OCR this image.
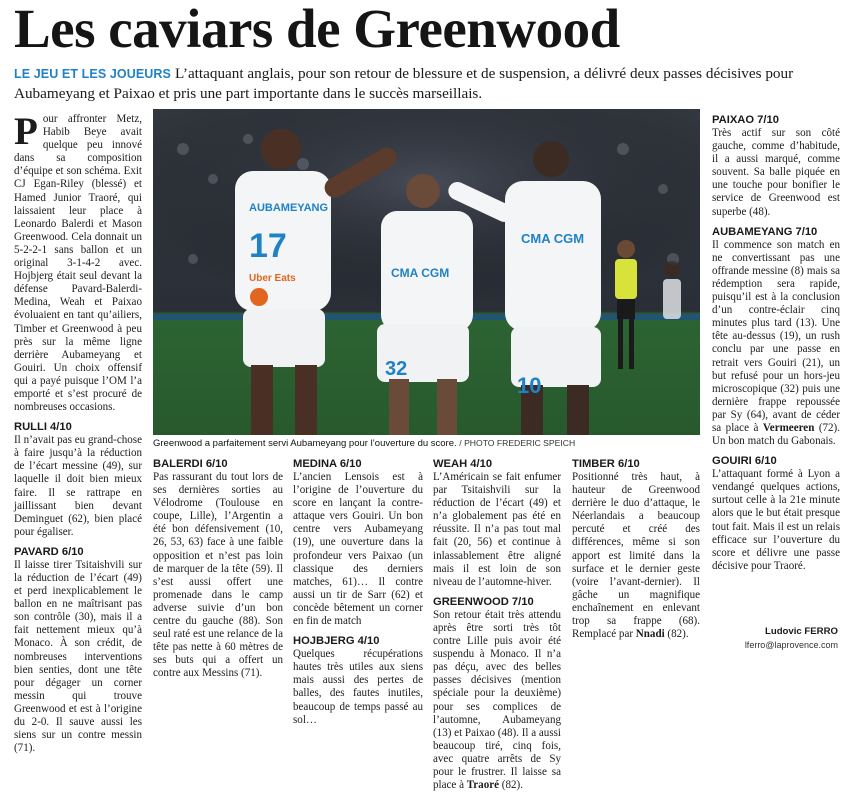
Les caviars de Greenwood
LE JEU ET LES JOUEURS L’attaquant anglais, pour son retour de blessure et de suspension, a délivré deux passes décisives pour Aubameyang et Paixao et pris une part importante dans le succès marseillais.

Pour affronter Metz, Habib Beye avait quelque peu innové dans sa composition d’équipe et son schéma. Exit CJ Egan-Riley (blessé) et Hamed Junior Traoré, qui laissaient leur place à Leonardo Balerdi et Mason Greenwood. Cela donnait un 5-2-2-1 sans ballon et un original 3-1-4-2 avec. Hojbjerg était seul devant la défense Pavard-Balerdi-Medina, Weah et Paixao évoluaient en tant qu’ailiers, Timber et Greenwood à peu près sur la même ligne derrière Aubameyang et Gouiri. Un choix offensif qui a payé puisque l’OM l’a emporté et s’est procuré de nombreuses occasions.

RULLI 4/10

Il n’avait pas eu grand-chose à faire jusqu’à la réduction de l’écart messine (49), sur laquelle il doit bien mieux faire. Il se rattrape en jaillissant bien devant Deminguet (62), bien placé pour égaliser.

PAVARD 6/10

Il laisse tirer Tsitaishvili sur la réduction de l’écart (49) et perd inexplicablement le ballon en ne maîtrisant pas son contrôle (30), mais il a fait nettement mieux qu’à Monaco. À son crédit, de nombreuses interventions bien senties, dont une tête pour dégager un corner messin qui trouve Greenwood et est à l’origine du 2-0. Il sauve aussi les siens sur un contre messin (71).

AUBAMEYANG
17
Uber Eats	CMA CGM
32
CMA CGM
10
Greenwood a parfaitement servi Aubameyang pour l’ouverture du score. / PHOTO FREDERIC SPEICH
BALERDI 6/10

Pas rassurant du tout lors de ses dernières sorties au Vélodrome (Toulouse en coupe, Lille), l’Argentin a été bon défensivement (10, 26, 53, 63) face à une faible opposition et n’est pas loin de marquer de la tête (59). Il s’est aussi offert une promenade dans le camp adverse suivie d’un bon centre du gauche (88). Son seul raté est une relance de la tête pas nette à 60 mètres de ses buts qui a offert un contre aux Messins (71).

MEDINA 6/10

L’ancien Lensois est à l’origine de l’ouverture du score en lançant la contre-attaque vers Gouiri. Un bon centre vers Aubameyang (19), une ouverture dans la profondeur vers Paixao (un classique des derniers matches, 61)… Il contre aussi un tir de Sarr (62) et concède bêtement un corner en fin de match

HOJBJERG 4/10

Quelques récupérations hautes très utiles aux siens mais aussi des pertes de balles, des fautes inutiles, beaucoup de temps passé au sol…

WEAH 4/10

L’Américain se fait enfumer par Tsitaishvili sur la réduction de l’écart (49) et n’a globalement pas été en réussite. Il n’a pas tout mal fait (20, 56) et continue à inlassablement être aligné mais il est loin de son niveau de l’automne-hiver.

GREENWOOD 7/10

Son retour était très attendu après être sorti très tôt contre Lille puis avoir été suspendu à Monaco. Il n’a pas déçu, avec des belles passes décisives (mention spéciale pour la deuxième) pour ses complices de l’automne, Aubameyang (13) et Paixao (48). Il a aussi beaucoup tiré, cinq fois, avec quatre arrêts de Sy pour le frustrer. Il laisse sa place à Traoré (82).

TIMBER 6/10

Positionné très haut, à hauteur de Greenwood derrière le duo d’attaque, le Néerlandais a beaucoup percuté et créé des différences, même si son apport est limité dans la surface et le dernier geste (voire l’avant-dernier). Il gâche un magnifique enchaînement en enlevant trop sa frappe (68). Remplacé par Nnadi (82).

PAIXAO 7/10

Très actif sur son côté gauche, comme d’habitude, il a aussi marqué, comme souvent. Sa balle piquée en une touche pour bonifier le service de Greenwood est superbe (48).

AUBAMEYANG 7/10

Il commence son match en ne convertissant pas une offrande messine (8) mais sa rédemption sera rapide, puisqu’il est à la conclusion d’un contre-éclair cinq minutes plus tard (13). Une tête au-dessus (19), un rush conclu par une passe en retrait vers Gouiri (21), un but refusé pour un hors-jeu microscopique (32) puis une dernière frappe repoussée par Sy (64), avant de céder sa place à Vermeeren (72). Un bon match du Gabonais.

GOUIRI 6/10

L’attaquant formé à Lyon a vendangé quelques actions, surtout celle à la 21e minute alors que le but était presque tout fait. Mais il est un relais efficace sur l’ouverture du score et délivre une passe décisive pour Traoré.

Ludovic FERRO
lferro@laprovence.com
